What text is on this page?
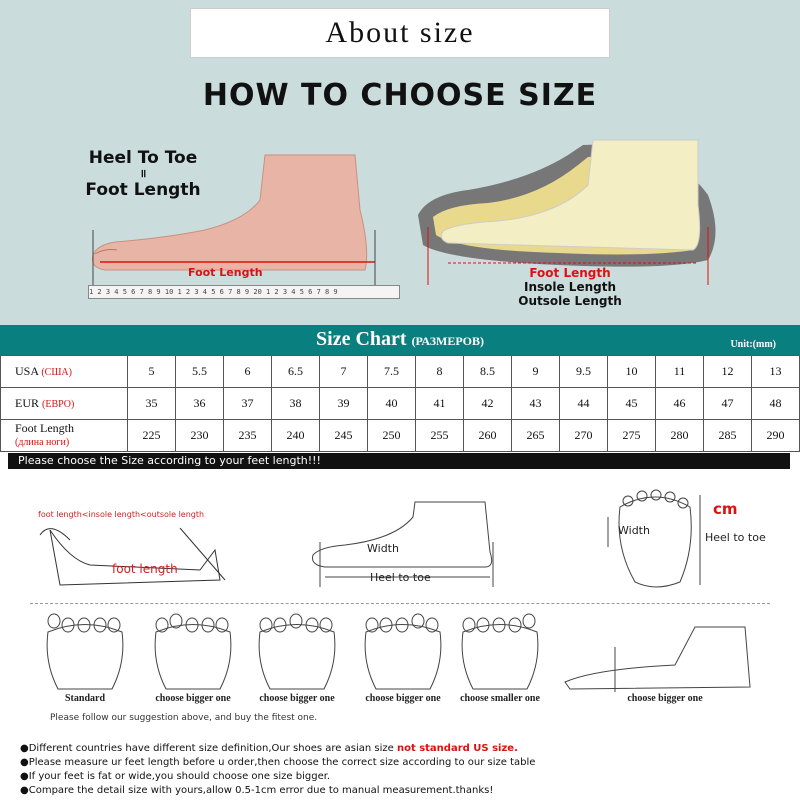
About size
HOW TO CHOOSE SIZE
Heel To Toe
॥
Foot Length
Foot Length
1 2 3 4 5 6 7 8 9 10 1 2 3 4 5 6 7 8 9 20 1 2 3 4 5 6 7 8 9
Foot Length
Insole Length
Outsole Length
Size Chart (РАЗМЕРОВ)	Unit:(mm)
USA (США)	5	5.5	6	6.5	7	7.5	8	8.5	9	9.5	10	11	12	13
EUR (ЕВРО)	35	36	37	38	39	40	41	42	43	44	45	46	47	48
Foot Length
(длина ноги)	225	230	235	240	245	250	255	260	265	270	275	280	285	290
Please choose the Size according to your feet length!!!
foot length<insole length<outsole length
foot length
Width
Heel to toe
Width
cm
Heel to toe
Standard	choose bigger one	choose bigger one	choose bigger one	choose smaller one	choose bigger one
Please follow our suggestion above, and buy the fitest one.
●Different countries have different size definition,Our shoes are asian size not standard US size.
●Please measure ur feet length before u order,then choose the correct size according to our size table
●If your feet is fat or wide,you should choose one size bigger.
●Compare the detail size with yours,allow 0.5-1cm error due to manual measurement.thanks!
